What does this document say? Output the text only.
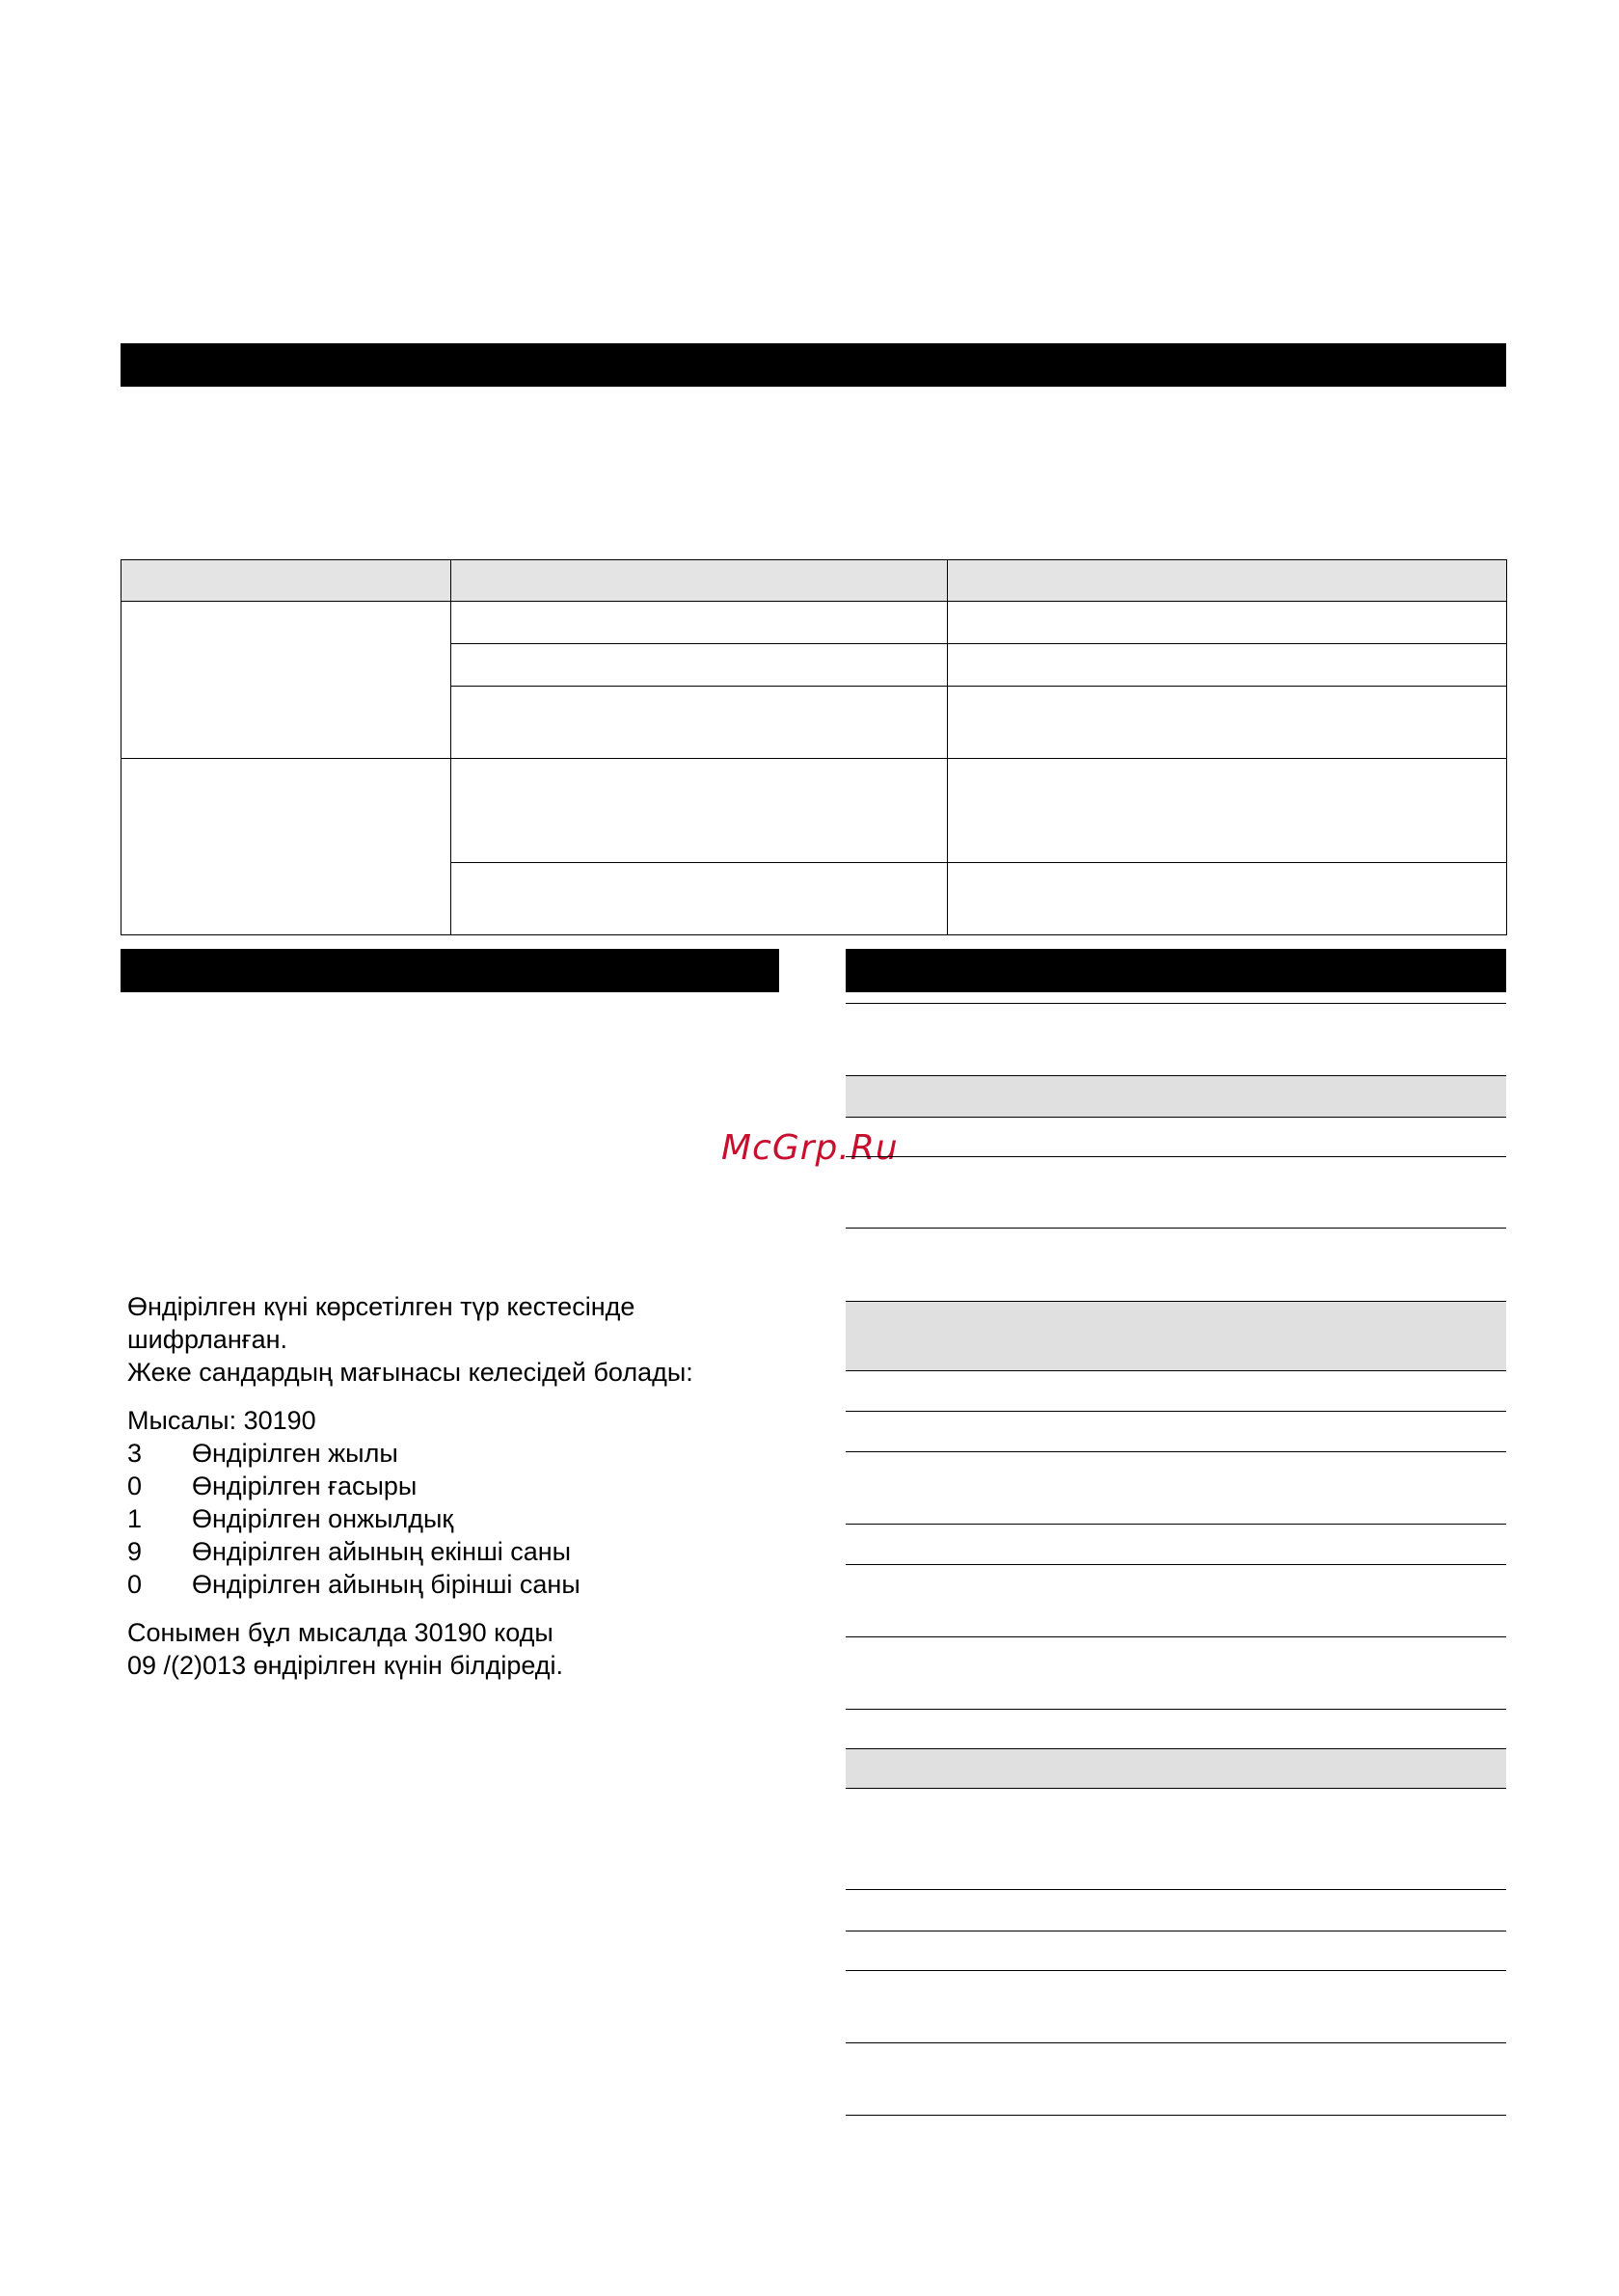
McGrp.Ru

Өндірілген күні көрсетілген түр кестесінде

шифрланған.

Жеке сандардың мағынасы келесідей болады:

Мысалы: 30190

3	Өндірілген жылы
0	Өндірілген ғасыры
1	Өндірілген онжылдық
9	Өндірілген айының екінші саны
0	Өндірілген айының бірінші саны

Сонымен бұл мысалда 30190 коды

09 /(2)013 өндірілген күнін білдіреді.
